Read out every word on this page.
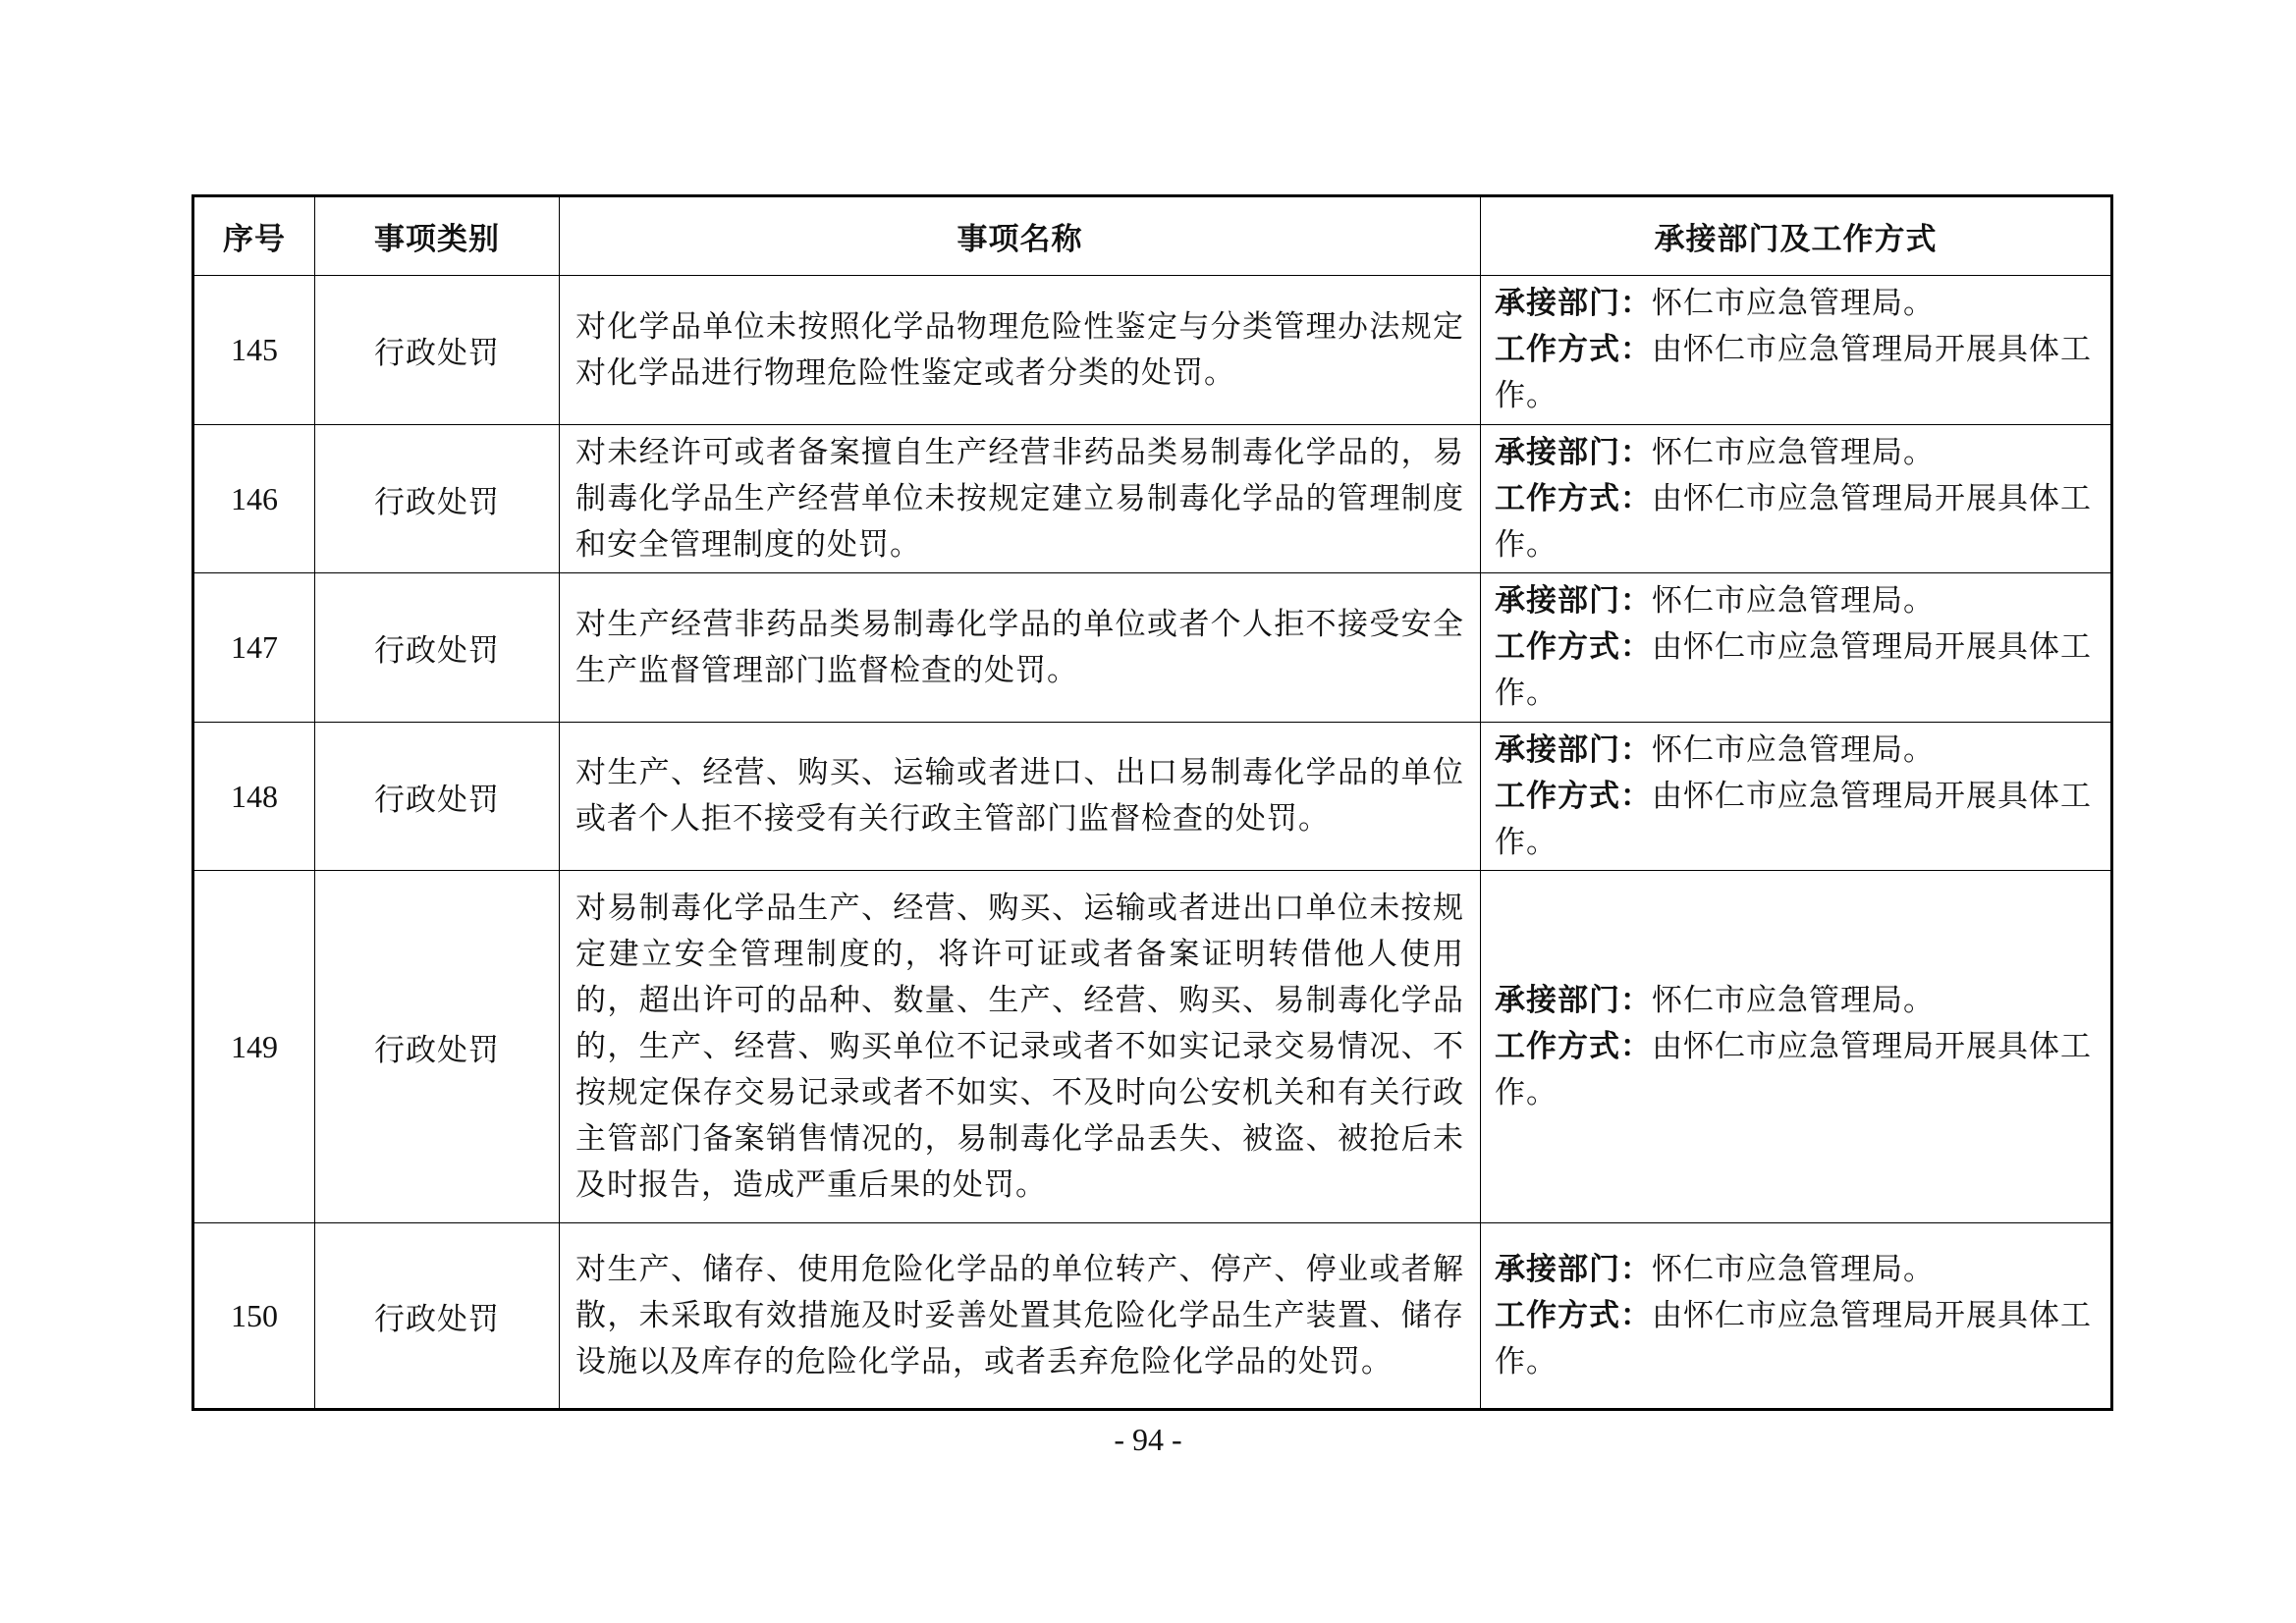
序号	事项类别	事项名称	承接部门及工作方式
145	行政处罚	对化学品单位未按照化学品物理危险性鉴定与分类管理办法规定对化学品进行物理危险性鉴定或者分类的处罚。	承接部门：怀仁市应急管理局。
工作方式：由怀仁市应急管理局开展具体工作。
146	行政处罚	对未经许可或者备案擅自生产经营非药品类易制毒化学品的，易制毒化学品生产经营单位未按规定建立易制毒化学品的管理制度和安全管理制度的处罚。	承接部门：怀仁市应急管理局。
工作方式：由怀仁市应急管理局开展具体工作。
147	行政处罚	对生产经营非药品类易制毒化学品的单位或者个人拒不接受安全生产监督管理部门监督检查的处罚。	承接部门：怀仁市应急管理局。
工作方式：由怀仁市应急管理局开展具体工作。
148	行政处罚	对生产、经营、购买、运输或者进口、出口易制毒化学品的单位或者个人拒不接受有关行政主管部门监督检查的处罚。	承接部门：怀仁市应急管理局。
工作方式：由怀仁市应急管理局开展具体工作。
149	行政处罚	对易制毒化学品生产、经营、购买、运输或者进出口单位未按规定建立安全管理制度的，将许可证或者备案证明转借他人使用的，超出许可的品种、数量、生产、经营、购买、易制毒化学品的，生产、经营、购买单位不记录或者不如实记录交易情况、不按规定保存交易记录或者不如实、不及时向公安机关和有关行政主管部门备案销售情况的，易制毒化学品丢失、被盗、被抢后未及时报告，造成严重后果的处罚。	承接部门：怀仁市应急管理局。
工作方式：由怀仁市应急管理局开展具体工作。
150	行政处罚	对生产、储存、使用危险化学品的单位转产、停产、停业或者解散，未采取有效措施及时妥善处置其危险化学品生产装置、储存设施以及库存的危险化学品，或者丢弃危险化学品的处罚。	承接部门：怀仁市应急管理局。
工作方式：由怀仁市应急管理局开展具体工作。
- 94 -
